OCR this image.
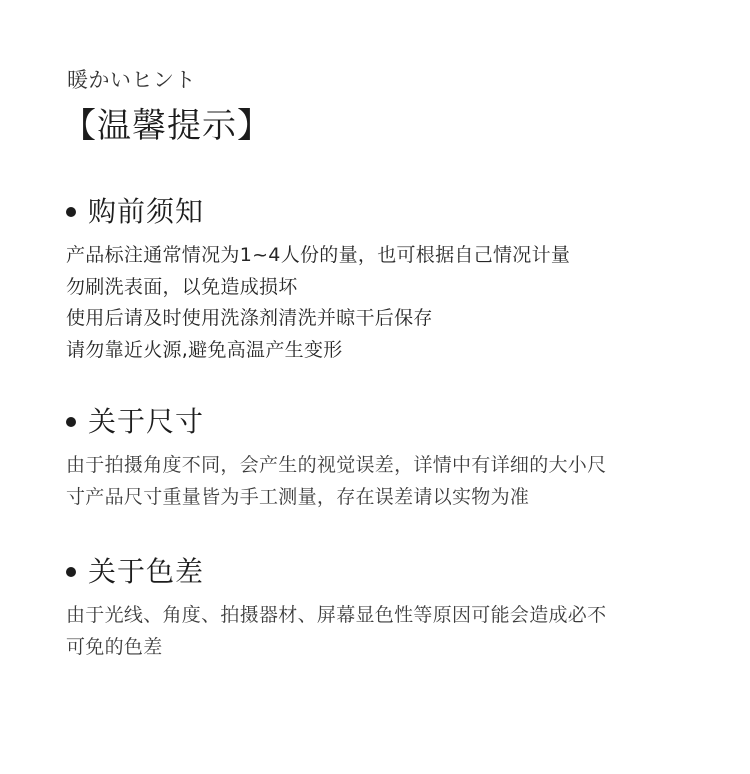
暖かいヒント
【温馨提示】
购前须知
产品标注通常情况为1~4人份的量，也可根据自己情况计量
勿刷洗表面，以免造成损坏
使用后请及时使用洗涤剂清洗并晾干后保存
请勿靠近火源,避免高温产生变形
关于尺寸
由于拍摄角度不同，会产生的视觉误差，详情中有详细的大小尺
寸产品尺寸重量皆为手工测量，存在误差请以实物为准
关于色差
由于光线、角度、拍摄器材、屏幕显色性等原因可能会造成必不
可免的色差
